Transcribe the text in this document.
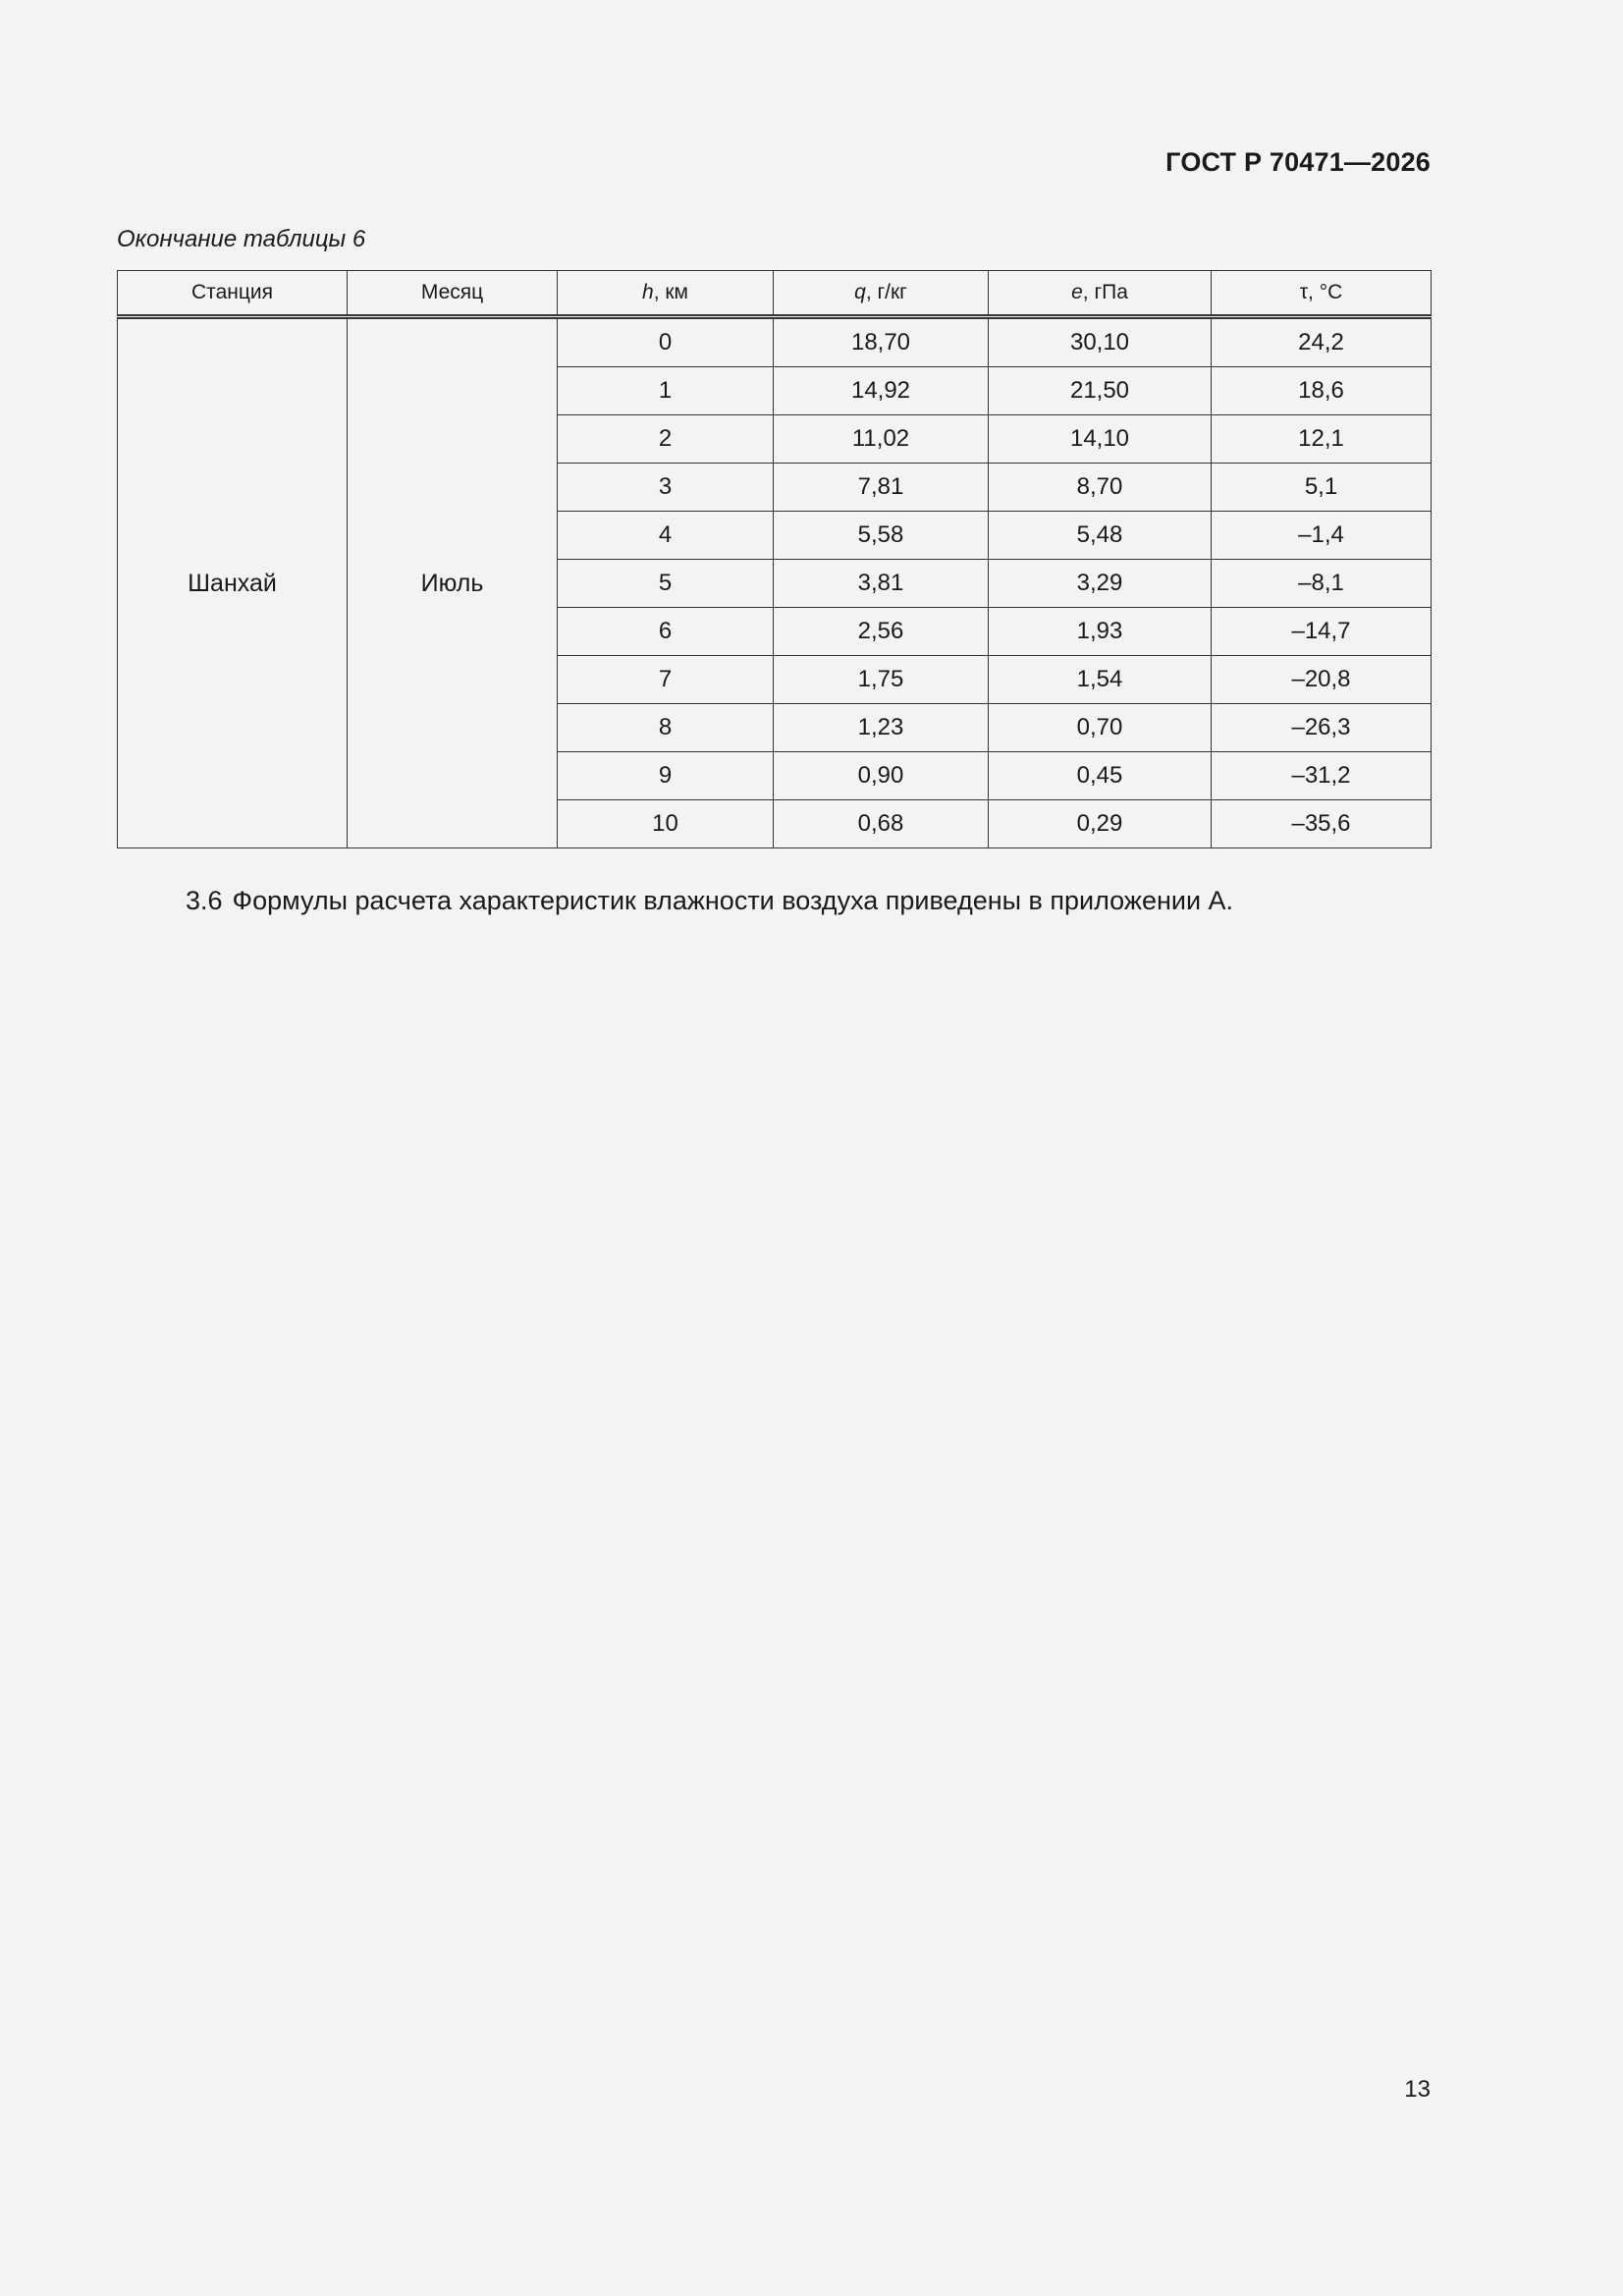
ГОСТ Р 70471—2026
Окончание таблицы 6
Станция	Месяц	h, км	q, г/кг	e, гПа	τ, °С
Шанхай	Июль	0	18,70	30,10	24,2
		1	14,92	21,50	18,6
		2	11,02	14,10	12,1
		3	7,81	8,70	5,1
		4	5,58	5,48	–1,4
		5	3,81	3,29	–8,1
		6	2,56	1,93	–14,7
		7	1,75	1,54	–20,8
		8	1,23	0,70	–26,3
		9	0,90	0,45	–31,2
		10	0,68	0,29	–35,6
3.6 Формулы расчета характеристик влажности воздуха приведены в приложении А.
13
